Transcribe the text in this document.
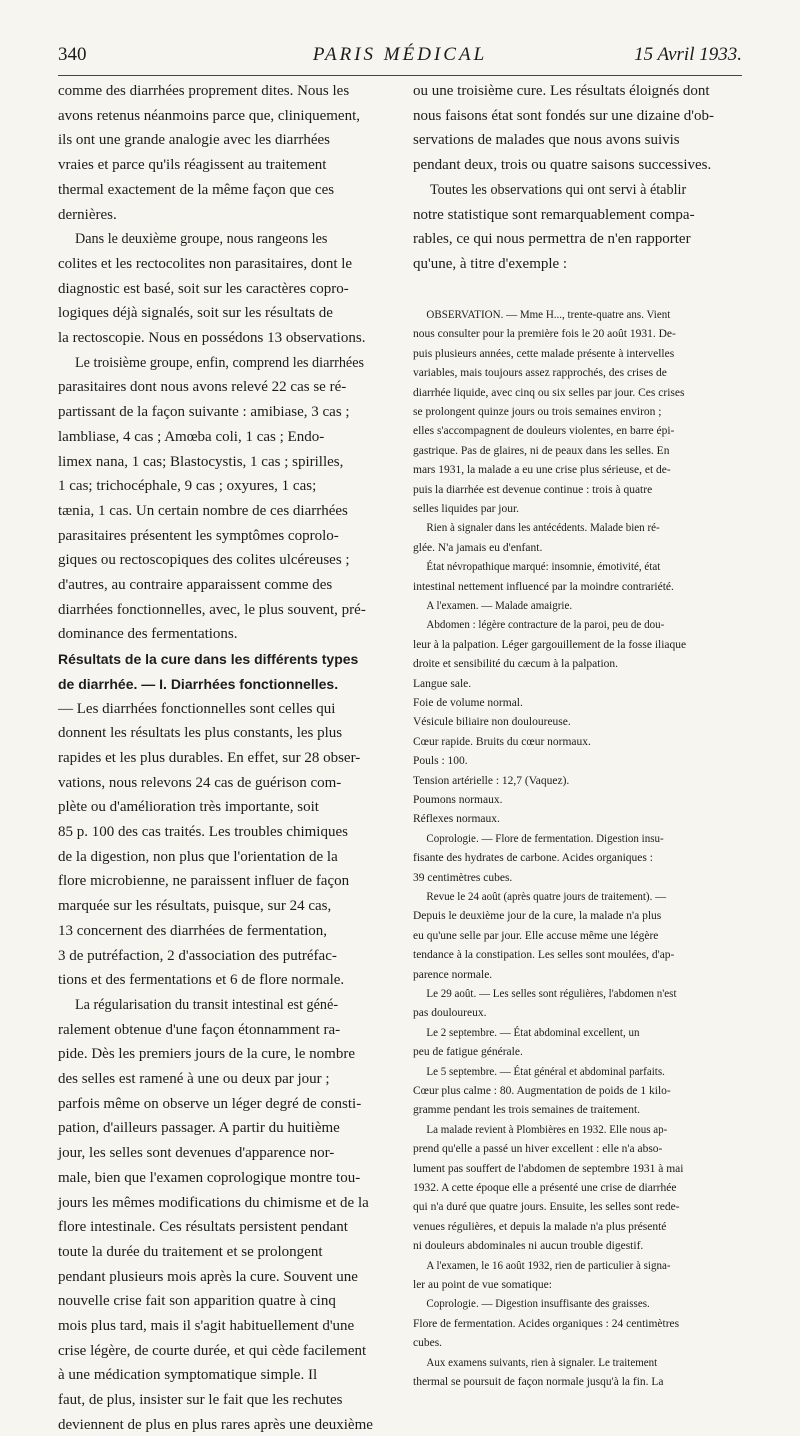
340	PARIS MÉDICAL	15 Avril 1933.
comme des diarrhées proprement dites. Nous les
avons retenus néanmoins parce que, cliniquement,
ils ont une grande analogie avec les diarrhées
vraies et parce qu'ils réagissent au traitement
thermal exactement de la même façon que ces
dernières.
Dans le deuxième groupe, nous rangeons les
colites et les rectocolites non parasitaires, dont le
diagnostic est basé, soit sur les caractères copro-
logiques déjà signalés, soit sur les résultats de
la rectoscopie. Nous en possédons 13 observations.
Le troisième groupe, enfin, comprend les diarrhées
parasitaires dont nous avons relevé 22 cas se ré-
partissant de la façon suivante : amibiase, 3 cas ;
lambliase, 4 cas ; Amœba coli, 1 cas ; Endo-
limex nana, 1 cas; Blastocystis, 1 cas ; spirilles,
1 cas; trichocéphale, 9 cas ; oxyures, 1 cas;
tænia, 1 cas. Un certain nombre de ces diarrhées
parasitaires présentent les symptômes coprolo-
giques ou rectoscopiques des colites ulcéreuses ;
d'autres, au contraire apparaissent comme des
diarrhées fonctionnelles, avec, le plus souvent, pré-
dominance des fermentations.
Résultats de la cure dans les différents types
de diarrhée. — I. Diarrhées fonctionnelles.
— Les diarrhées fonctionnelles sont celles qui
donnent les résultats les plus constants, les plus
rapides et les plus durables. En effet, sur 28 obser-
vations, nous relevons 24 cas de guérison com-
plète ou d'amélioration très importante, soit
85 p. 100 des cas traités. Les troubles chimiques
de la digestion, non plus que l'orientation de la
flore microbienne, ne paraissent influer de façon
marquée sur les résultats, puisque, sur 24 cas,
13 concernent des diarrhées de fermentation,
3 de putréfaction, 2 d'association des putréfac-
tions et des fermentations et 6 de flore normale.
La régularisation du transit intestinal est géné-
ralement obtenue d'une façon étonnamment ra-
pide. Dès les premiers jours de la cure, le nombre
des selles est ramené à une ou deux par jour ;
parfois même on observe un léger degré de consti-
pation, d'ailleurs passager. A partir du huitième
jour, les selles sont devenues d'apparence nor-
male, bien que l'examen coprologique montre tou-
jours les mêmes modifications du chimisme et de la
flore intestinale. Ces résultats persistent pendant
toute la durée du traitement et se prolongent
pendant plusieurs mois après la cure. Souvent une
nouvelle crise fait son apparition quatre à cinq
mois plus tard, mais il s'agit habituellement d'une
crise légère, de courte durée, et qui cède facilement
à une médication symptomatique simple. Il
faut, de plus, insister sur le fait que les rechutes
deviennent de plus en plus rares après une deuxième
ou une troisième cure. Les résultats éloignés dont
nous faisons état sont fondés sur une dizaine d'ob-
servations de malades que nous avons suivis
pendant deux, trois ou quatre saisons successives.
Toutes les observations qui ont servi à établir
notre statistique sont remarquablement compa-
rables, ce qui nous permettra de n'en rapporter
qu'une, à titre d'exemple :
OBSERVATION. — Mme H..., trente-quatre ans. Vient
nous consulter pour la première fois le 20 août 1931. De-
puis plusieurs années, cette malade présente à intervelles
variables, mais toujours assez rapprochés, des crises de
diarrhée liquide, avec cinq ou six selles par jour. Ces crises
se prolongent quinze jours ou trois semaines environ ;
elles s'accompagnent de douleurs violentes, en barre épi-
gastrique. Pas de glaires, ni de peaux dans les selles. En
mars 1931, la malade a eu une crise plus sérieuse, et de-
puis la diarrhée est devenue continue : trois à quatre
selles liquides par jour.
Rien à signaler dans les antécédents. Malade bien ré-
glée. N'a jamais eu d'enfant.
État névropathique marqué: insomnie, émotivité, état
intestinal nettement influencé par la moindre contrariété.
A l'examen. — Malade amaigrie.
Abdomen : légère contracture de la paroi, peu de dou-
leur à la palpation. Léger gargouillement de la fosse iliaque
droite et sensibilité du cæcum à la palpation.
Langue sale.
Foie de volume normal.
Vésicule biliaire non douloureuse.
Cœur rapide. Bruits du cœur normaux.
Pouls : 100.
Tension artérielle : 12,7 (Vaquez).
Poumons normaux.
Réflexes normaux.
Coprologie. — Flore de fermentation. Digestion insu-
fisante des hydrates de carbone. Acides organiques :
39 centimètres cubes.
Revue le 24 août (après quatre jours de traitement). —
Depuis le deuxième jour de la cure, la malade n'a plus
eu qu'une selle par jour. Elle accuse même une légère
tendance à la constipation. Les selles sont moulées, d'ap-
parence normale.
Le 29 août. — Les selles sont régulières, l'abdomen n'est
pas douloureux.
Le 2 septembre. — État abdominal excellent, un
peu de fatigue générale.
Le 5 septembre. — État général et abdominal parfaits.
Cœur plus calme : 80. Augmentation de poids de 1 kilo-
gramme pendant les trois semaines de traitement.
La malade revient à Plombières en 1932. Elle nous ap-
prend qu'elle a passé un hiver excellent : elle n'a abso-
lument pas souffert de l'abdomen de septembre 1931 à mai
1932. A cette époque elle a présenté une crise de diarrhée
qui n'a duré que quatre jours. Ensuite, les selles sont rede-
venues régulières, et depuis la malade n'a plus présenté
ni douleurs abdominales ni aucun trouble digestif.
A l'examen, le 16 août 1932, rien de particulier à signa-
ler au point de vue somatique:
Coprologie. — Digestion insuffisante des graisses.
Flore de fermentation. Acides organiques : 24 centimètres
cubes.
Aux examens suivants, rien à signaler. Le traitement
thermal se poursuit de façon normale jusqu'à la fin. La
